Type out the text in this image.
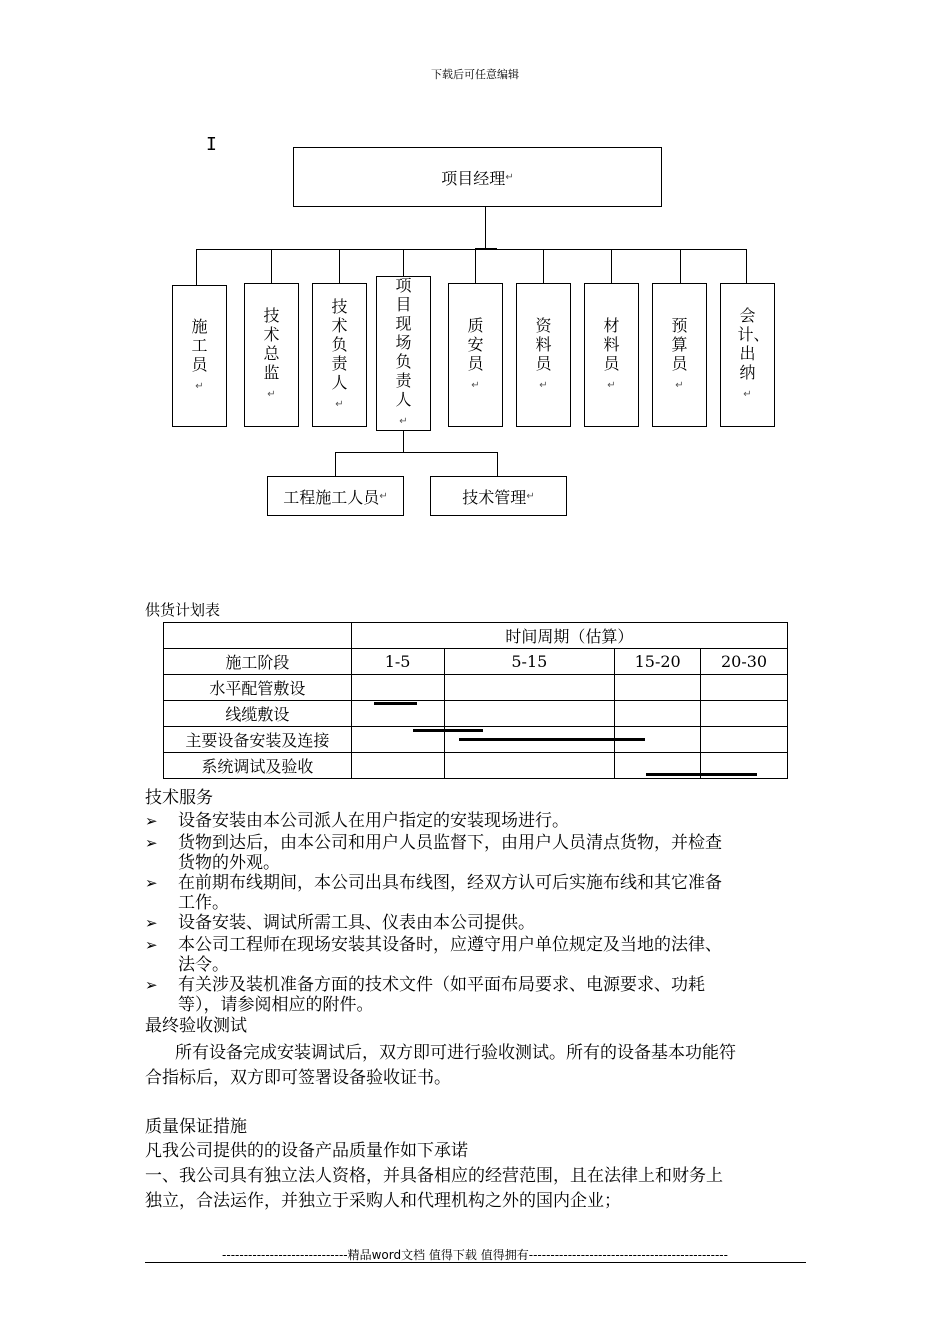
下载后可任意编辑
I
项目经理 ↵
施工员↵
技术总监↵
技术负责人↵
项目现场负责人↵
质安员↵
资料员↵
材料员↵
预算员↵
会计、出纳↵
工程施工人员 ↵	技术管理 ↵
供货计划表
	时间周期（估算）			
施工阶段	1-5	5-15	15-20	20-30
水平配管敷设				
线缆敷设				
主要设备安装及连接				
系统调试及验收				
技术服务
➢ 设备安装由本公司派人在用户指定的安装现场进行。
➢ 货物到达后，由本公司和用户人员监督下，由用户人员清点货物，并检查
货物的外观。
➢ 在前期布线期间，本公司出具布线图，经双方认可后实施布线和其它准备
工作。
➢ 设备安装、调试所需工具、仪表由本公司提供。
➢ 本公司工程师在现场安装其设备时，应遵守用户单位规定及当地的法律、
法令。
➢ 有关涉及装机准备方面的技术文件（如平面布局要求、电源要求、功耗
等），请参阅相应的附件。
最终验收测试
所有设备完成安装调试后，双方即可进行验收测试。所有的设备基本功能符
合指标后，双方即可签署设备验收证书。
质量保证措施
凡我公司提供的的设备产品质量作如下承诺
一、我公司具有独立法人资格，并具备相应的经营范围，且在法律上和财务上
独立，合法运作，并独立于采购人和代理机构之外的国内企业；
-----------------------------精品word文档 值得下载 值得拥有----------------------------------------------
